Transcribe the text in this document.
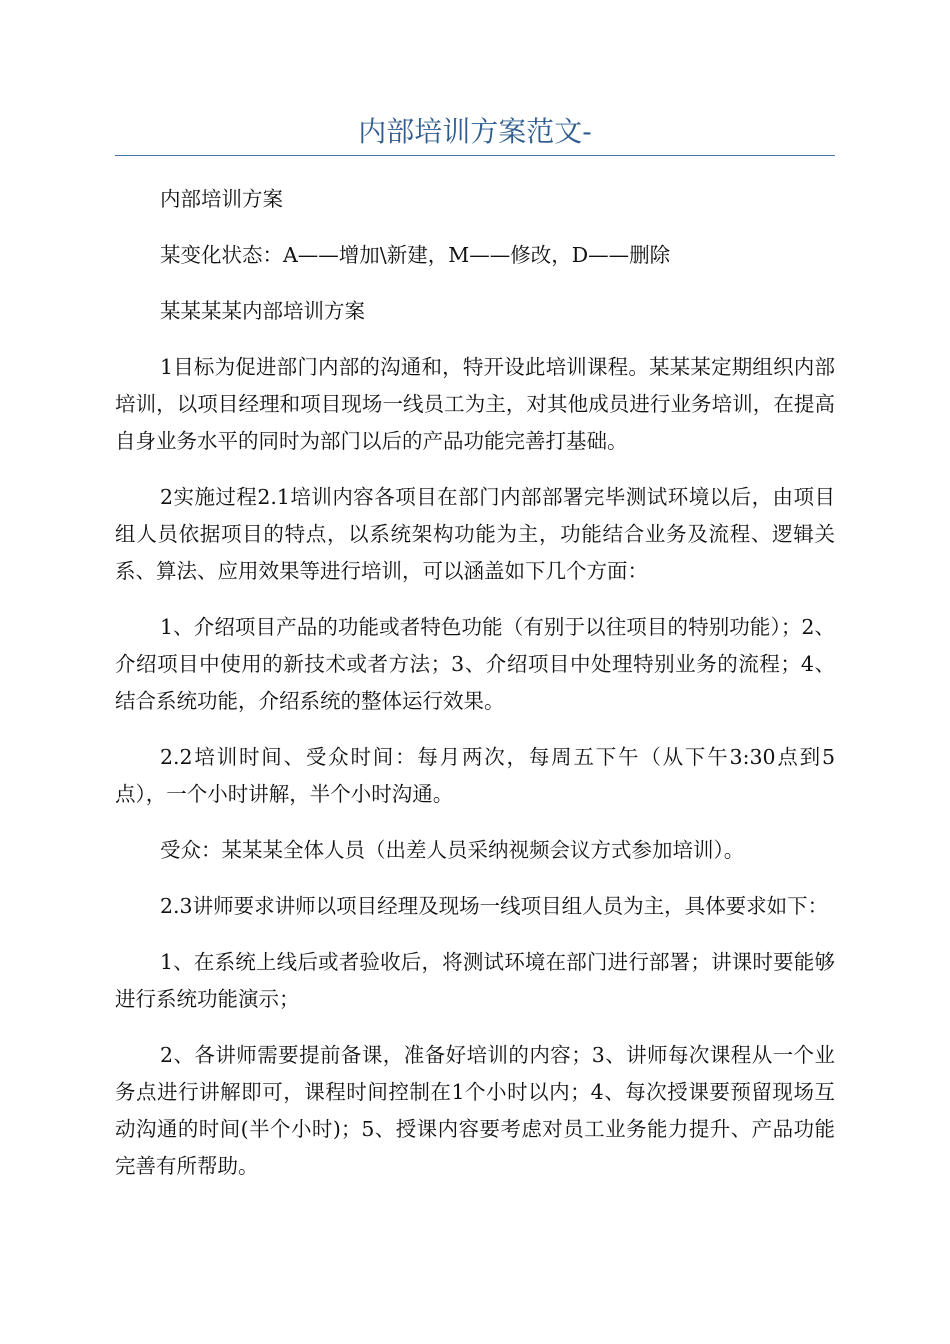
内部培训方案范文-

内部培训方案

某变化状态：A——增加\新建，M——修改，D——删除

某某某某内部培训方案

1目标为促进部门内部的沟通和，特开设此培训课程。某某某定期组织内部培训，以项目经理和项目现场一线员工为主，对其他成员进行业务培训，在提高自身业务水平的同时为部门以后的产品功能完善打基础。

2实施过程2.1培训内容各项目在部门内部部署完毕测试环境以后，由项目组人员依据项目的特点，以系统架构功能为主，功能结合业务及流程、逻辑关系、算法、应用效果等进行培训，可以涵盖如下几个方面：

1、介绍项目产品的功能或者特色功能（有别于以往项目的特别功能）；2、介绍项目中使用的新技术或者方法；3、介绍项目中处理特别业务的流程；4、结合系统功能，介绍系统的整体运行效果。

2.2培训时间、受众时间：每月两次，每周五下午（从下午3:30点到5点），一个小时讲解，半个小时沟通。

受众：某某某全体人员（出差人员采纳视频会议方式参加培训）。

2.3讲师要求讲师以项目经理及现场一线项目组人员为主，具体要求如下：

1、在系统上线后或者验收后，将测试环境在部门进行部署；讲课时要能够进行系统功能演示；

2、各讲师需要提前备课，准备好培训的内容；3、讲师每次课程从一个业务点进行讲解即可，课程时间控制在1个小时以内；4、每次授课要预留现场互动沟通的时间(半个小时)；5、授课内容要考虑对员工业务能力提升、产品功能完善有所帮助。
